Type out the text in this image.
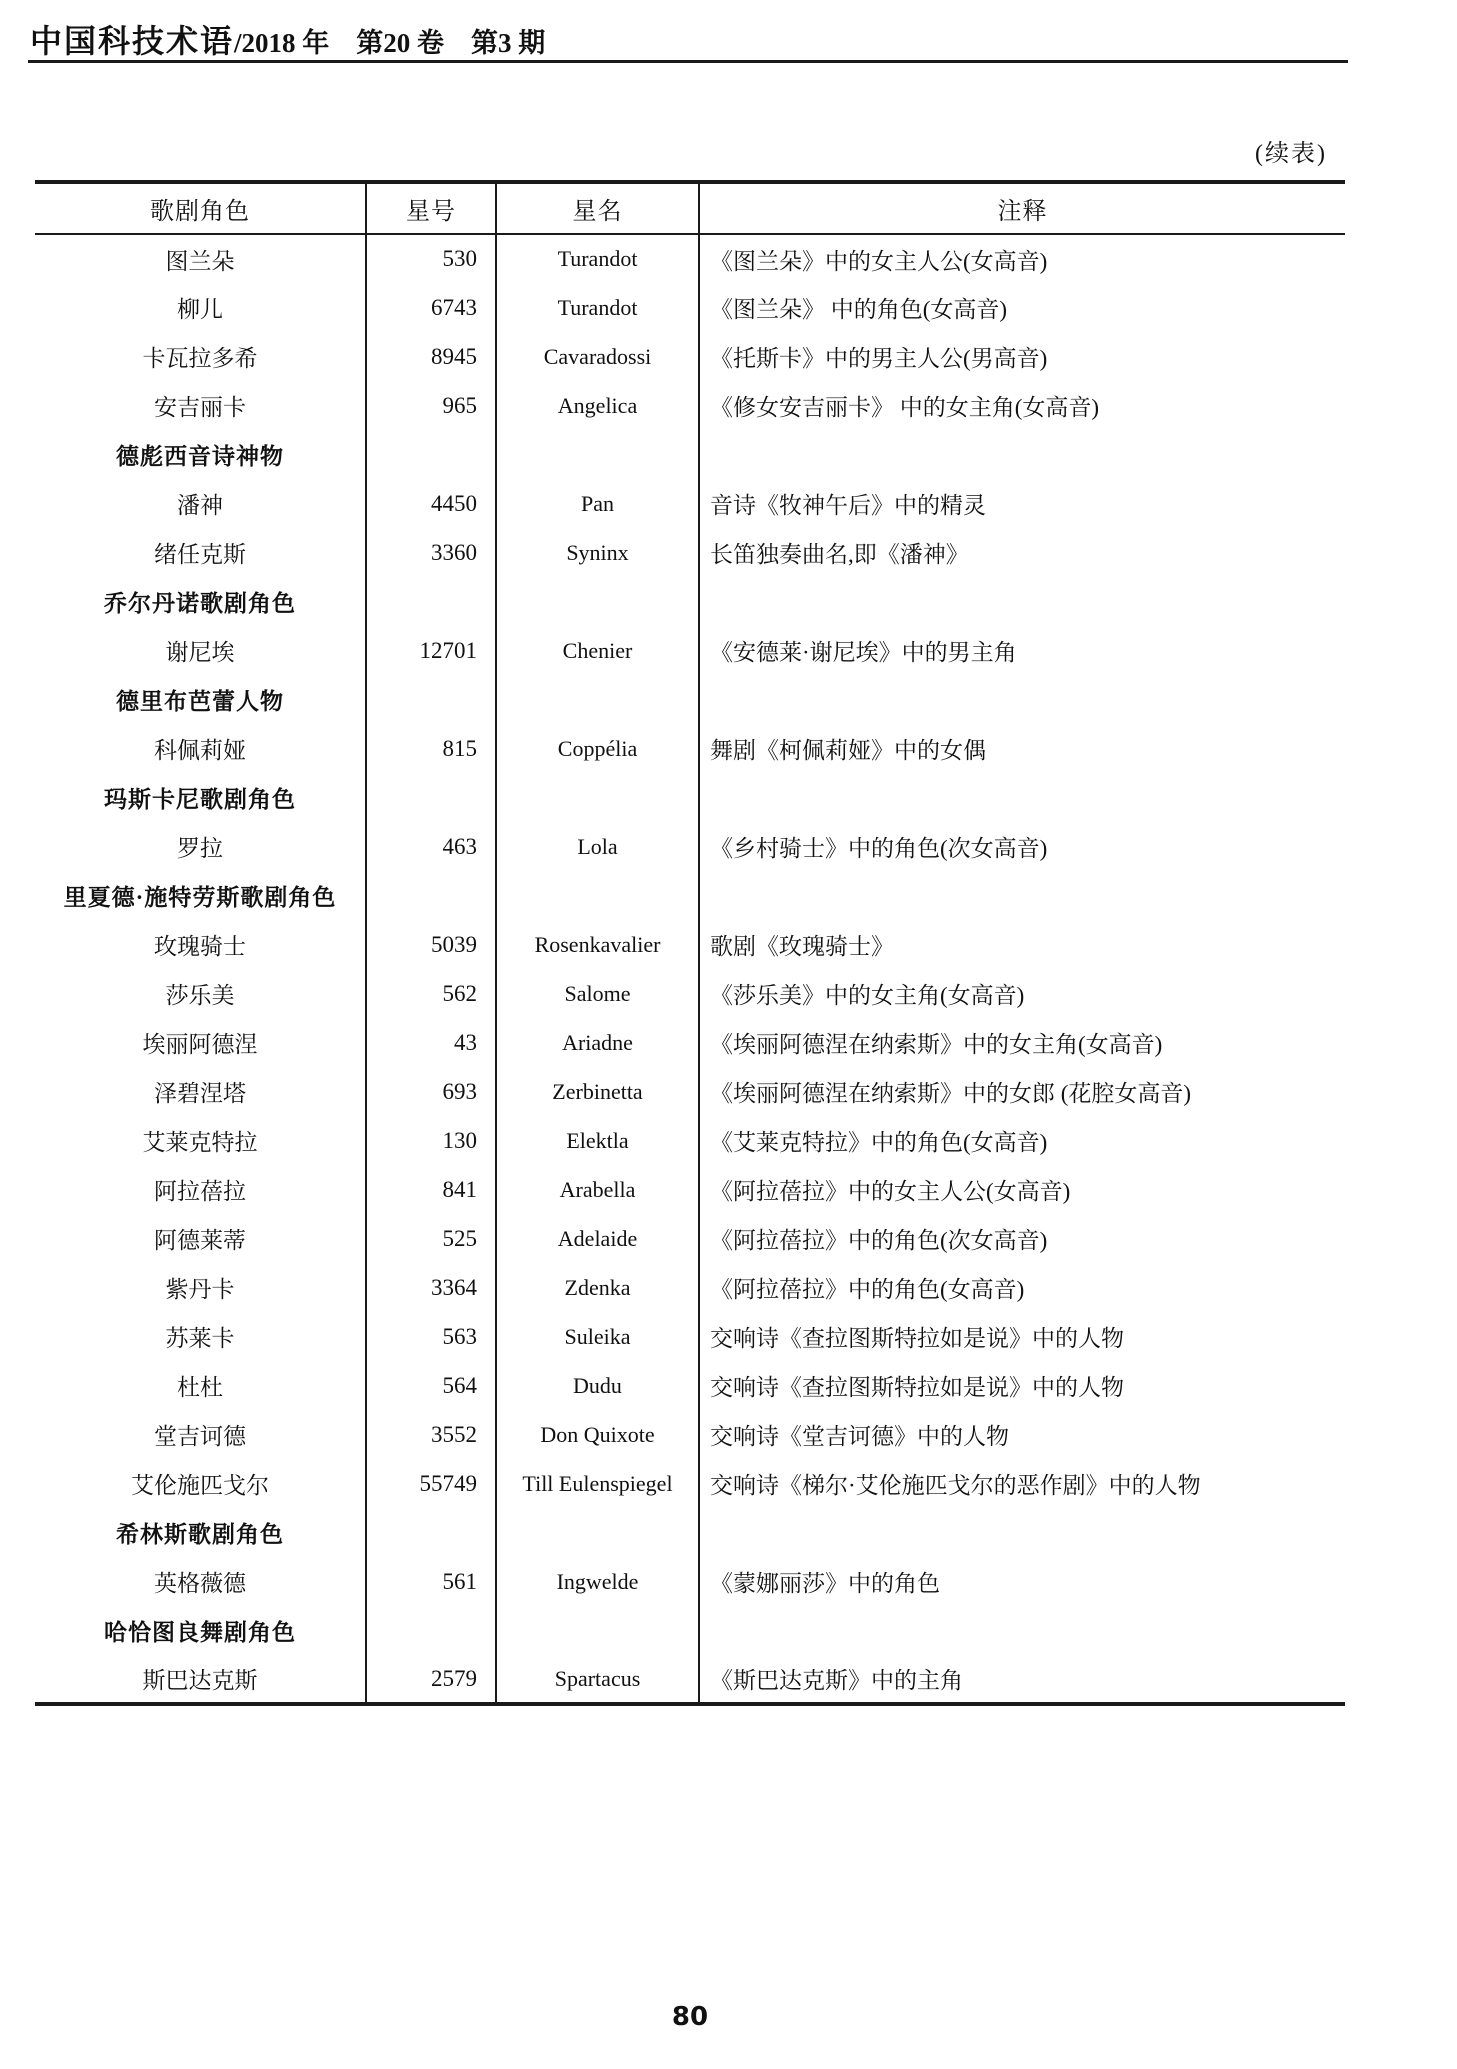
中国科技术语/2018 年　第20 卷　第3 期
(续表)
歌剧角色	星号	星名	注释
图兰朵	530	Turandot	《图兰朵》中的女主人公(女高音)
柳儿	6743	Turandot	《图兰朵》 中的角色(女高音)
卡瓦拉多希	8945	Cavaradossi	《托斯卡》中的男主人公(男高音)
安吉丽卡	965	Angelica	《修女安吉丽卡》 中的女主角(女高音)
德彪西音诗神物			
潘神	4450	Pan	音诗《牧神午后》中的精灵
绪任克斯	3360	Syninx	长笛独奏曲名,即《潘神》
乔尔丹诺歌剧角色			
谢尼埃	12701	Chenier	《安德莱·谢尼埃》中的男主角
德里布芭蕾人物			
科佩莉娅	815	Coppélia	舞剧《柯佩莉娅》中的女偶
玛斯卡尼歌剧角色			
罗拉	463	Lola	《乡村骑士》中的角色(次女高音)
里夏德·施特劳斯歌剧角色			
玫瑰骑士	5039	Rosenkavalier	歌剧《玫瑰骑士》
莎乐美	562	Salome	《莎乐美》中的女主角(女高音)
埃丽阿德涅	43	Ariadne	《埃丽阿德涅在纳索斯》中的女主角(女高音)
泽碧涅塔	693	Zerbinetta	《埃丽阿德涅在纳索斯》中的女郎 (花腔女高音)
艾莱克特拉	130	Elektla	《艾莱克特拉》中的角色(女高音)
阿拉蓓拉	841	Arabella	《阿拉蓓拉》中的女主人公(女高音)
阿德莱蒂	525	Adelaide	《阿拉蓓拉》中的角色(次女高音)
紫丹卡	3364	Zdenka	《阿拉蓓拉》中的角色(女高音)
苏莱卡	563	Suleika	交响诗《查拉图斯特拉如是说》中的人物
杜杜	564	Dudu	交响诗《查拉图斯特拉如是说》中的人物
堂吉诃德	3552	Don Quixote	交响诗《堂吉诃德》中的人物
艾伦施匹戈尔	55749	Till Eulenspiegel	交响诗《梯尔·艾伦施匹戈尔的恶作剧》中的人物
希林斯歌剧角色			
英格薇德	561	Ingwelde	《蒙娜丽莎》中的角色
哈恰图良舞剧角色			
斯巴达克斯	2579	Spartacus	《斯巴达克斯》中的主角
80
